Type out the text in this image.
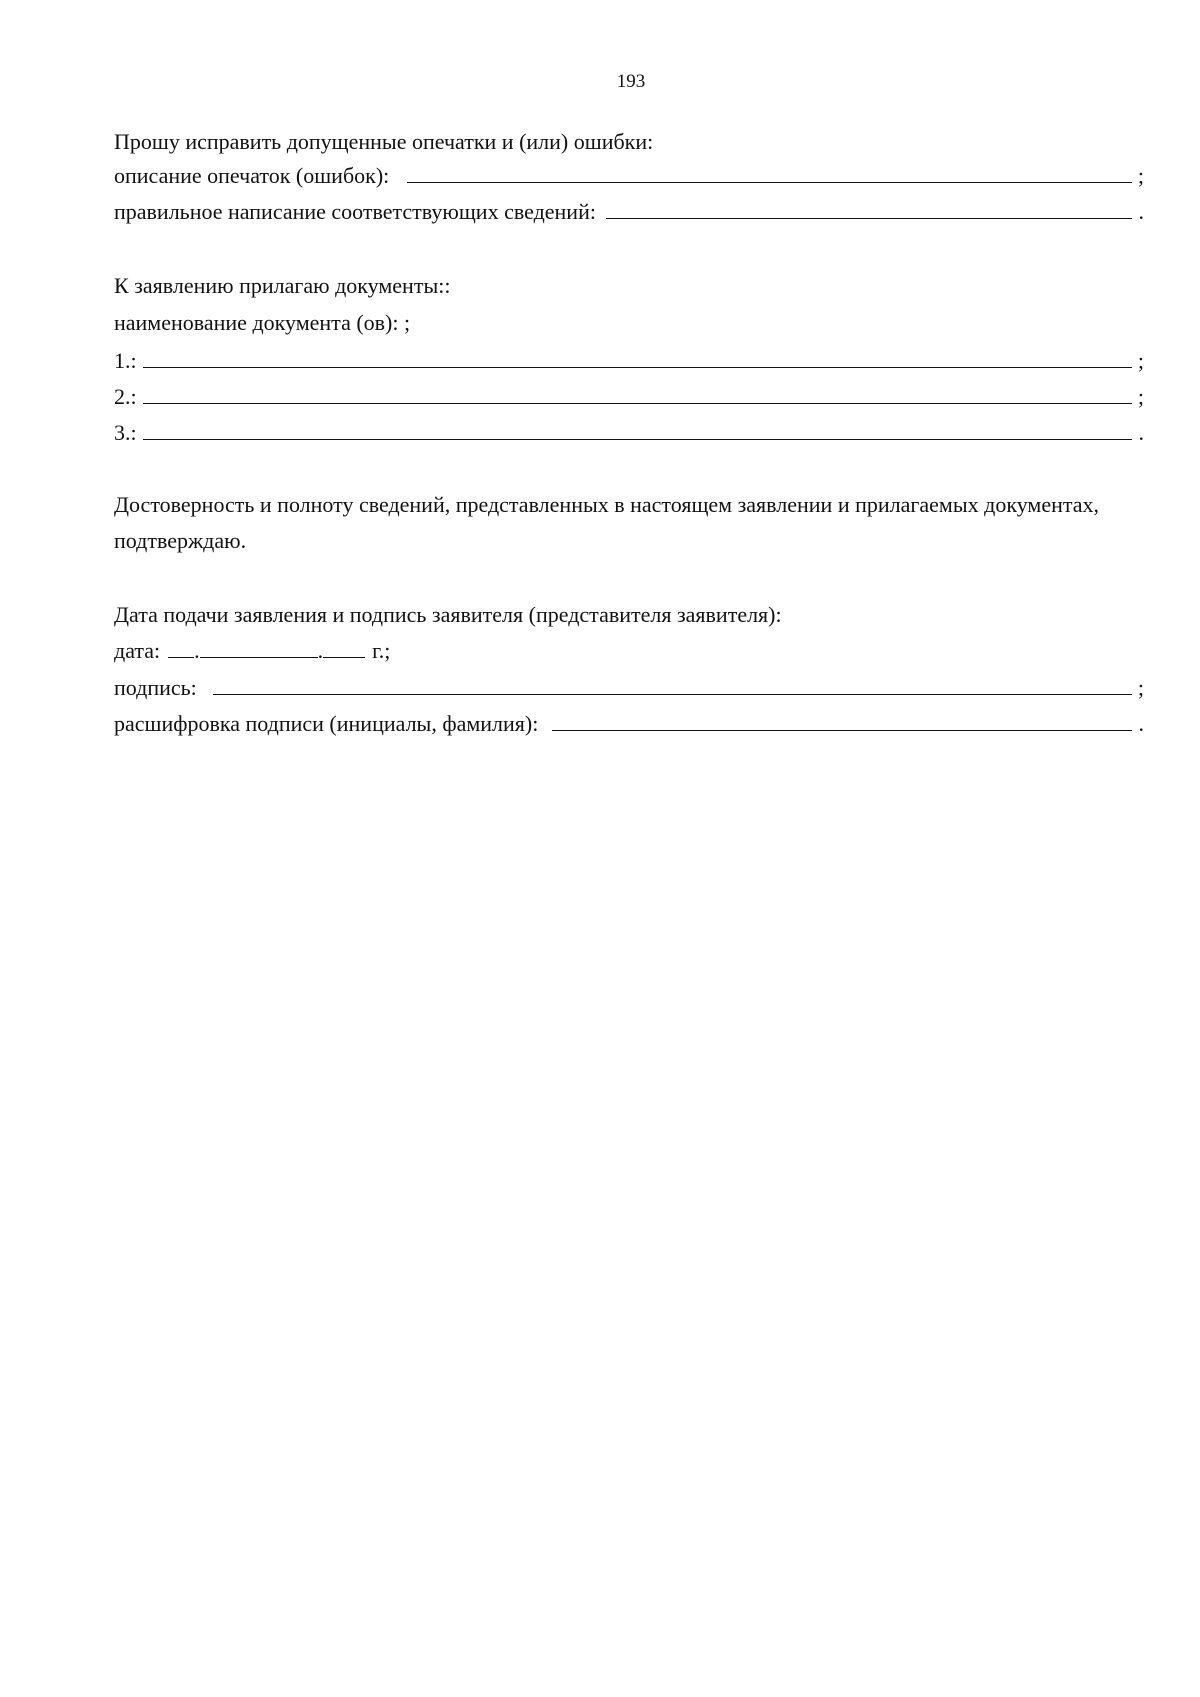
193
Прошу исправить допущенные опечатки и (или) ошибки:
описание опечаток (ошибок):	;
правильное написание соответствующих сведений:	.
К заявлению прилагаю документы::
наименование документа (ов): ;
1.:	;
2.:	;
3.:	.
Достоверность и полноту сведений, представленных в настоящем заявлении и прилагаемых документах, подтверждаю.
Дата подачи заявления и подпись заявителя (представителя заявителя):
дата: .	. г.;
подпись:	;
расшифровка подписи (инициалы, фамилия):	.
